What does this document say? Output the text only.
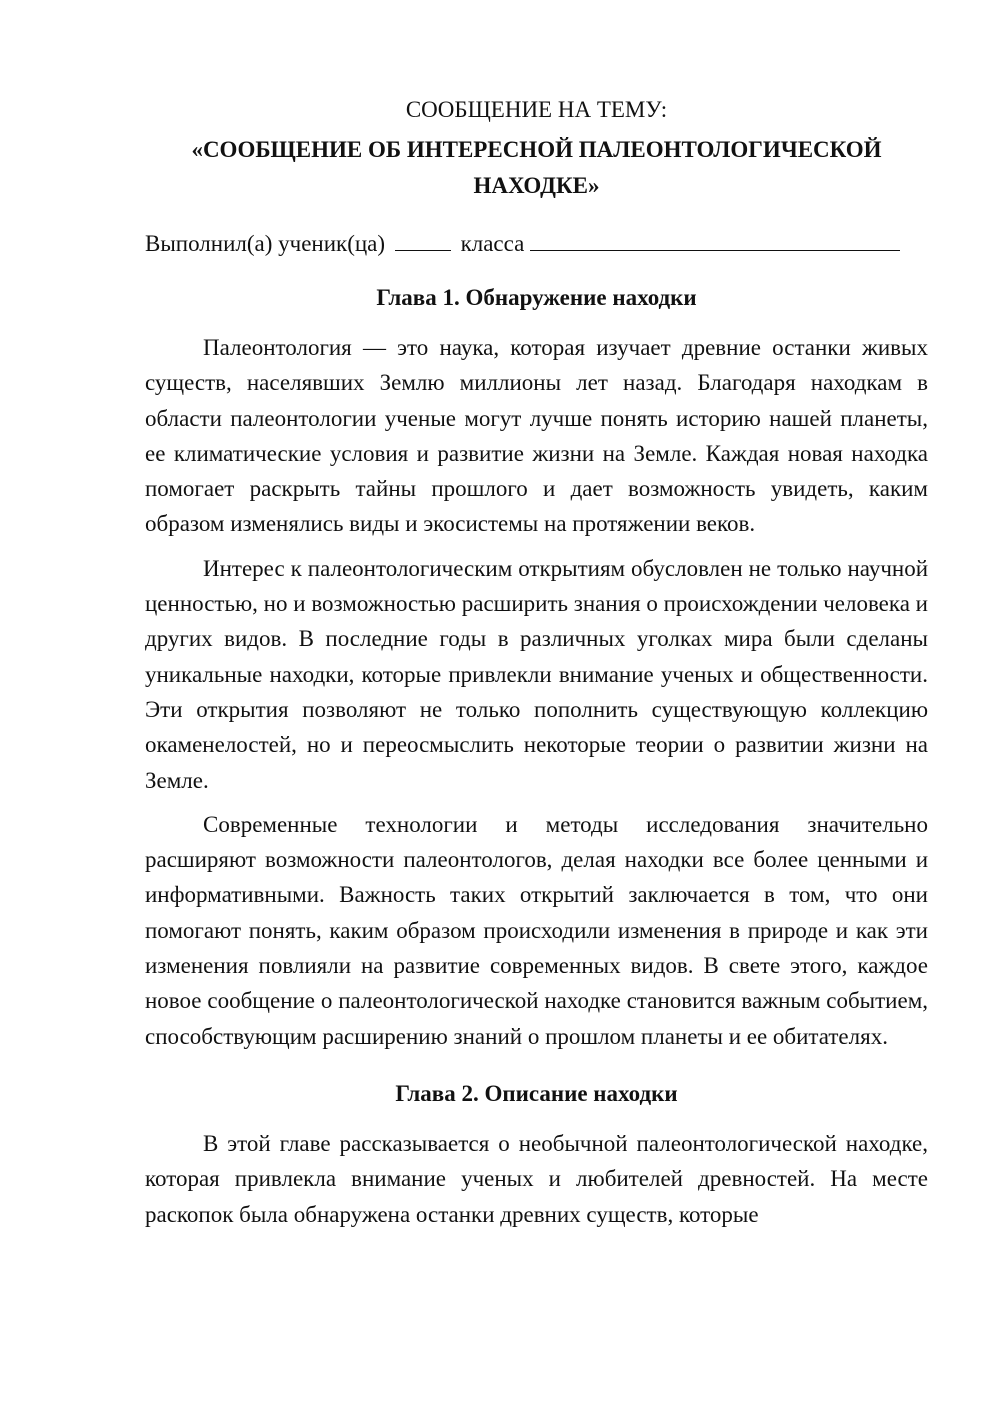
СООБЩЕНИЕ НА ТЕМУ:

«СООБЩЕНИЕ ОБ ИНТЕРЕСНОЙ ПАЛЕОНТОЛОГИЧЕСКОЙ НАХОДКЕ»

Выполнил(а) ученик(ца)	класса

Глава 1. Обнаружение находки

Палеонтология — это наука, которая изучает древние останки живых существ, населявших Землю миллионы лет назад. Благодаря находкам в области палеонтологии ученые могут лучше понять историю нашей планеты, ее климатические условия и развитие жизни на Земле. Каждая новая находка помогает раскрыть тайны прошлого и дает возможность увидеть, каким образом изменялись виды и экосистемы на протяжении веков.

Интерес к палеонтологическим открытиям обусловлен не только научной ценностью, но и возможностью расширить знания о происхождении человека и других видов. В последние годы в различных уголках мира были сделаны уникальные находки, которые привлекли внимание ученых и общественности. Эти открытия позволяют не только пополнить существующую коллекцию окаменелостей, но и переосмыслить некоторые теории о развитии жизни на Земле.

Современные технологии и методы исследования значительно расширяют возможности палеонтологов, делая находки все более ценными и информативными. Важность таких открытий заключается в том, что они помогают понять, каким образом происходили изменения в природе и как эти изменения повлияли на развитие современных видов. В свете этого, каждое новое сообщение о палеонтологической находке становится важным событием, способствующим расширению знаний о прошлом планеты и ее обитателях.

Глава 2. Описание находки

В этой главе рассказывается о необычной палеонтологической находке, которая привлекла внимание ученых и любителей древностей. На месте раскопок была обнаружена останки древних существ, которые
